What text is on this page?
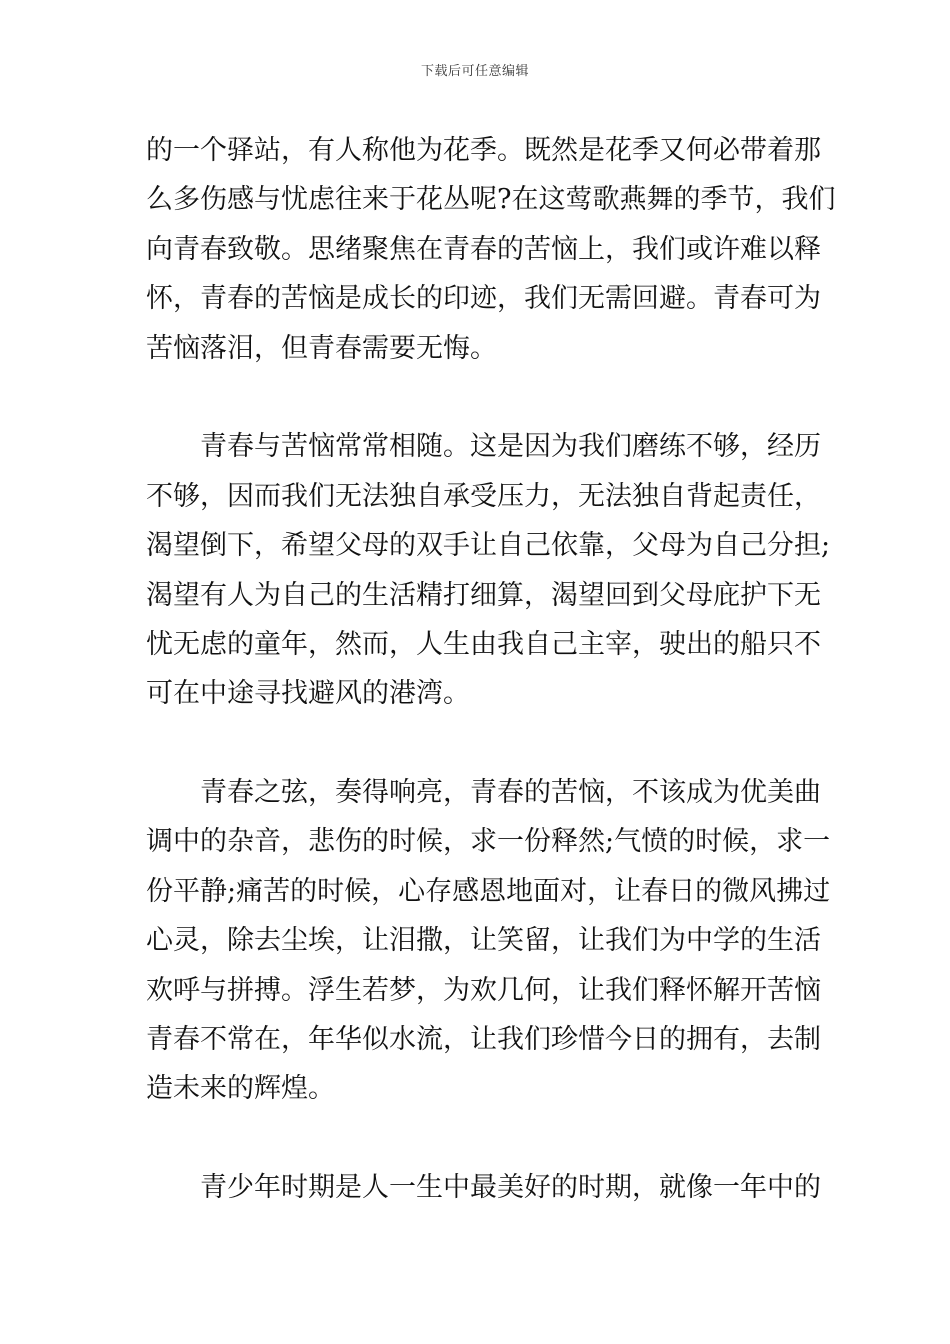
下载后可任意编辑
的一个驿站，有人称他为花季。既然是花季又何必带着那
么多伤感与忧虑往来于花丛呢?在这莺歌燕舞的季节，我们
向青春致敬。思绪聚焦在青春的苦恼上，我们或许难以释
怀，青春的苦恼是成长的印迹，我们无需回避。青春可为
苦恼落泪，但青春需要无悔。
　　青春与苦恼常常相随。这是因为我们磨练不够，经历
不够，因而我们无法独自承受压力，无法独自背起责任，
渴望倒下，希望父母的双手让自己依靠，父母为自己分担;
渴望有人为自己的生活精打细算，渴望回到父母庇护下无
忧无虑的童年，然而，人生由我自己主宰，驶出的船只不
可在中途寻找避风的港湾。
　　青春之弦，奏得响亮，青春的苦恼，不该成为优美曲
调中的杂音，悲伤的时候，求一份释然;气愤的时候，求一
份平静;痛苦的时候，心存感恩地面对，让春日的微风拂过
心灵，除去尘埃，让泪撒，让笑留，让我们为中学的生活
欢呼与拼搏。浮生若梦，为欢几何，让我们释怀解开苦恼
青春不常在，年华似水流，让我们珍惜今日的拥有，去制
造未来的辉煌。
　　青少年时期是人一生中最美好的时期，就像一年中的
